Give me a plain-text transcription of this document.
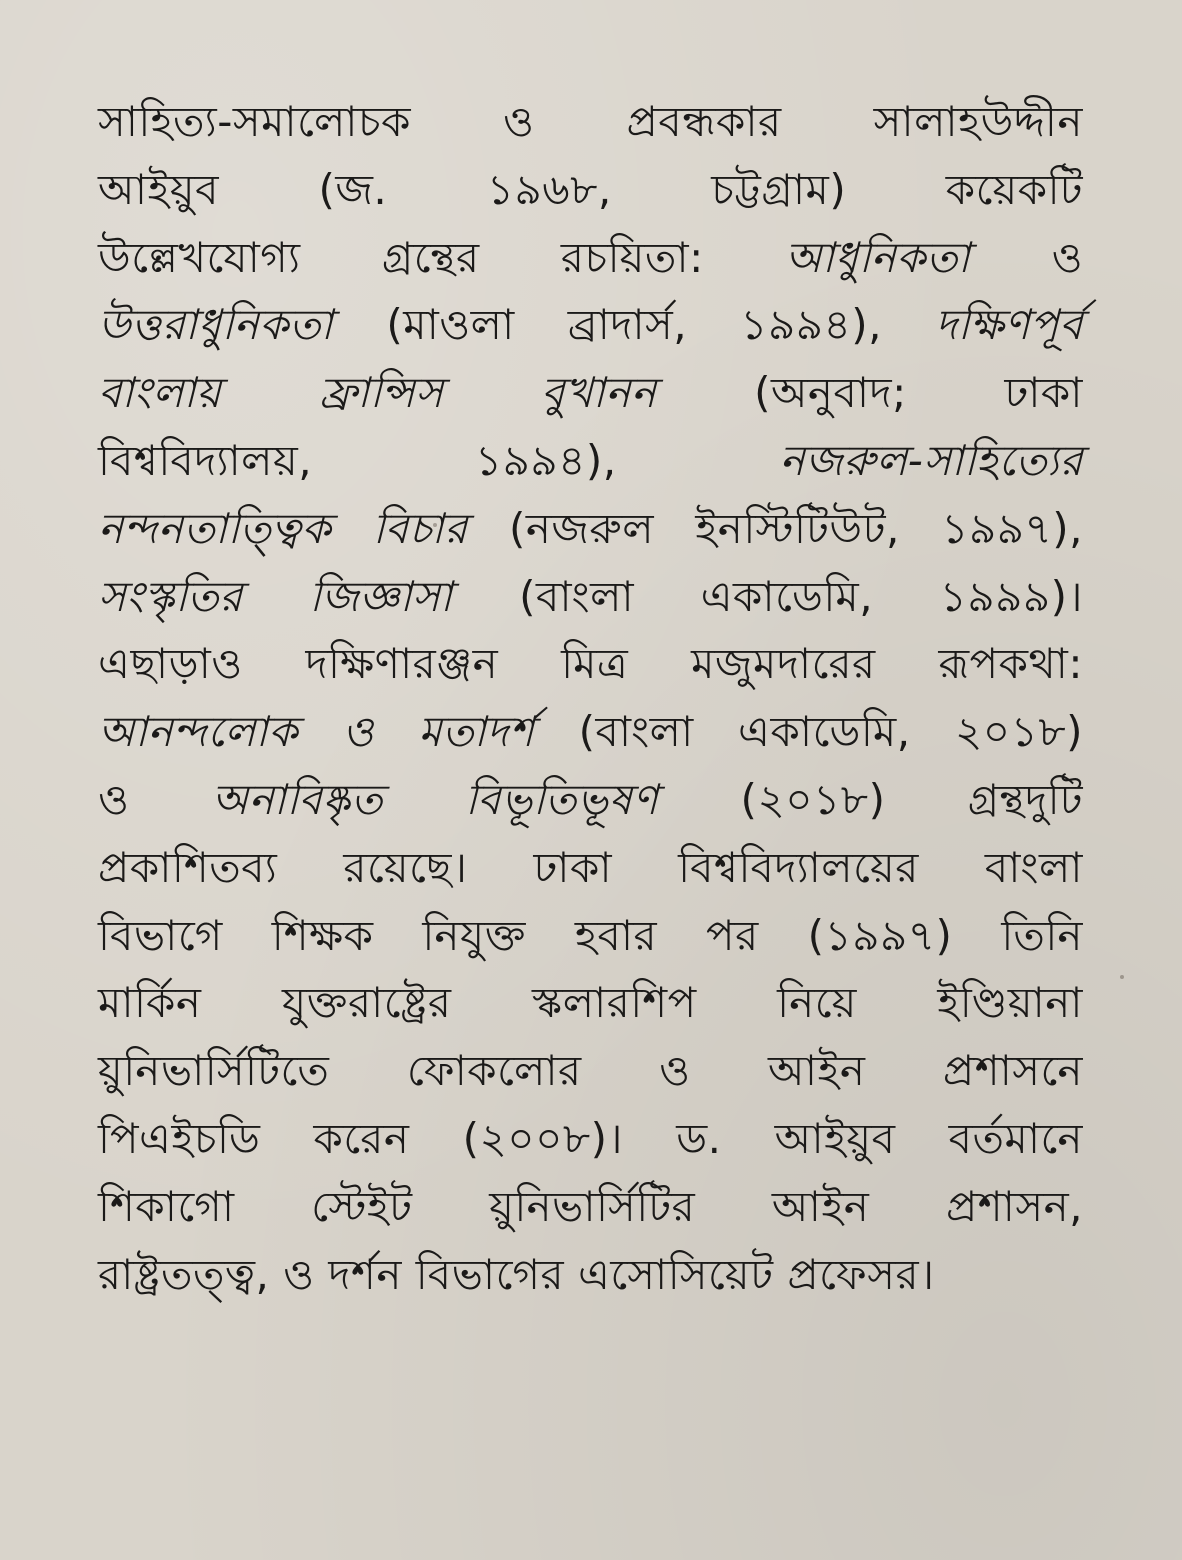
সাহিত্য-সমালোচক ও প্রবন্ধকার সালাহউদ্দীন
আইয়ুব (জ. ১৯৬৮, চট্টগ্রাম) কয়েকটি
উল্লেখযোগ্য গ্রন্থের রচয়িতা: আধুনিকতা ও
উত্তরাধুনিকতা (মাওলা ব্রাদার্স, ১৯৯৪), দক্ষিণপূর্ব
বাংলায় ফ্রান্সিস বুখানন (অনুবাদ; ঢাকা
বিশ্ববিদ্যালয়, ১৯৯৪), নজরুল-সাহিত্যের
নন্দনতাত্ত্বিক বিচার (নজরুল ইনস্টিটিউট, ১৯৯৭),
সংস্কৃতির জিজ্ঞাসা (বাংলা একাডেমি, ১৯৯৯)।
এছাড়াও দক্ষিণারঞ্জন মিত্র মজুমদারের রূপকথা:
আনন্দলোক ও মতাদর্শ (বাংলা একাডেমি, ২০১৮)
ও অনাবিষ্কৃত বিভূতিভূষণ (২০১৮) গ্রন্থদুটি
প্রকাশিতব্য রয়েছে। ঢাকা বিশ্ববিদ্যালয়ের বাংলা
বিভাগে শিক্ষক নিযুক্ত হবার পর (১৯৯৭) তিনি
মার্কিন যুক্তরাষ্ট্রের স্কলারশিপ নিয়ে ইণ্ডিয়ানা
য়ুনিভার্সিটিতে ফোকলোর ও আইন প্রশাসনে
পিএইচডি করেন (২০০৮)। ড. আইয়ুব বর্তমানে
শিকাগো স্টেইট য়ুনিভার্সিটির আইন প্রশাসন,
রাষ্ট্রতত্ত্ব, ও দর্শন বিভাগের এসোসিয়েট প্রফেসর।
